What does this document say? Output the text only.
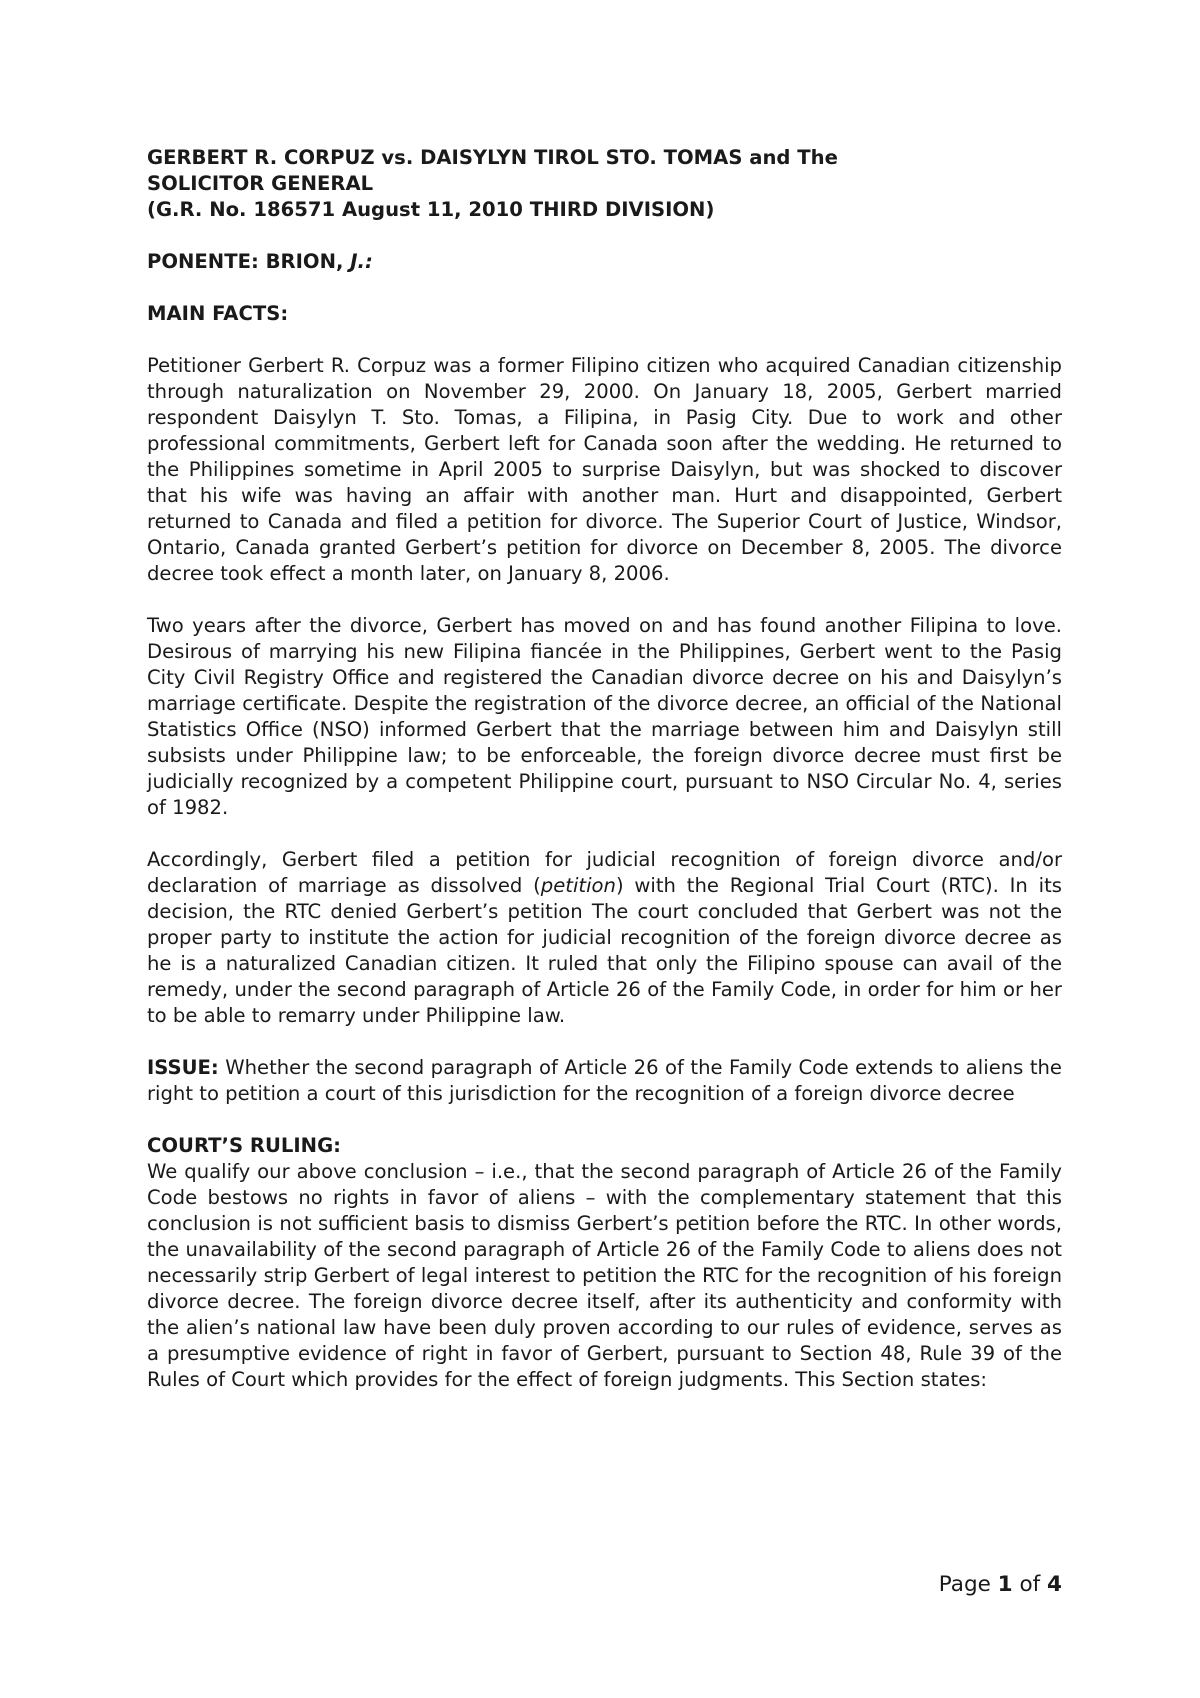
GERBERT R. CORPUZ vs. DAISYLYN TIROL STO. TOMAS and The
SOLICITOR GENERAL
(G.R. No. 186571 August 11, 2010 THIRD DIVISION)
PONENTE: BRION, J.:
MAIN FACTS:

Petitioner Gerbert R. Corpuz was a former Filipino citizen who acquired Canadian citizenship through naturalization on November 29, 2000. On January 18, 2005, Gerbert married respondent Daisylyn T. Sto. Tomas, a Filipina, in Pasig City. Due to work and other professional commitments, Gerbert left for Canada soon after the wedding. He returned to the Philippines sometime in April 2005 to surprise Daisylyn, but was shocked to discover that his wife was having an affair with another man. Hurt and disappointed, Gerbert returned to Canada and filed a petition for divorce. The Superior Court of Justice, Windsor, Ontario, Canada granted Gerbert’s petition for divorce on December 8, 2005. The divorce decree took effect a month later, on January 8, 2006.

Two years after the divorce, Gerbert has moved on and has found another Filipina to love. Desirous of marrying his new Filipina fiancée in the Philippines, Gerbert went to the Pasig City Civil Registry Office and registered the Canadian divorce decree on his and Daisylyn’s marriage certificate. Despite the registration of the divorce decree, an official of the National Statistics Office (NSO) informed Gerbert that the marriage between him and Daisylyn still subsists under Philippine law; to be enforceable, the foreign divorce decree must first be judicially recognized by a competent Philippine court, pursuant to NSO Circular No. 4, series of 1982.

Accordingly, Gerbert filed a petition for judicial recognition of foreign divorce and/or declaration of marriage as dissolved (petition) with the Regional Trial Court (RTC). In its decision, the RTC denied Gerbert’s petition The court concluded that Gerbert was not the proper party to institute the action for judicial recognition of the foreign divorce decree as he is a naturalized Canadian citizen. It ruled that only the Filipino spouse can avail of the remedy, under the second paragraph of Article 26 of the Family Code, in order for him or her to be able to remarry under Philippine law.

ISSUE: Whether the second paragraph of Article 26 of the Family Code extends to aliens the right to petition a court of this jurisdiction for the recognition of a foreign divorce decree

COURT’S RULING:

We qualify our above conclusion – i.e., that the second paragraph of Article 26 of the Family Code bestows no rights in favor of aliens – with the complementary statement that this conclusion is not sufficient basis to dismiss Gerbert’s petition before the RTC. In other words, the unavailability of the second paragraph of Article 26 of the Family Code to aliens does not necessarily strip Gerbert of legal interest to petition the RTC for the recognition of his foreign divorce decree. The foreign divorce decree itself, after its authenticity and conformity with the alien’s national law have been duly proven according to our rules of evidence, serves as a presumptive evidence of right in favor of Gerbert, pursuant to Section 48, Rule 39 of the Rules of Court which provides for the effect of foreign judgments. This Section states:

Page 1 of 4
